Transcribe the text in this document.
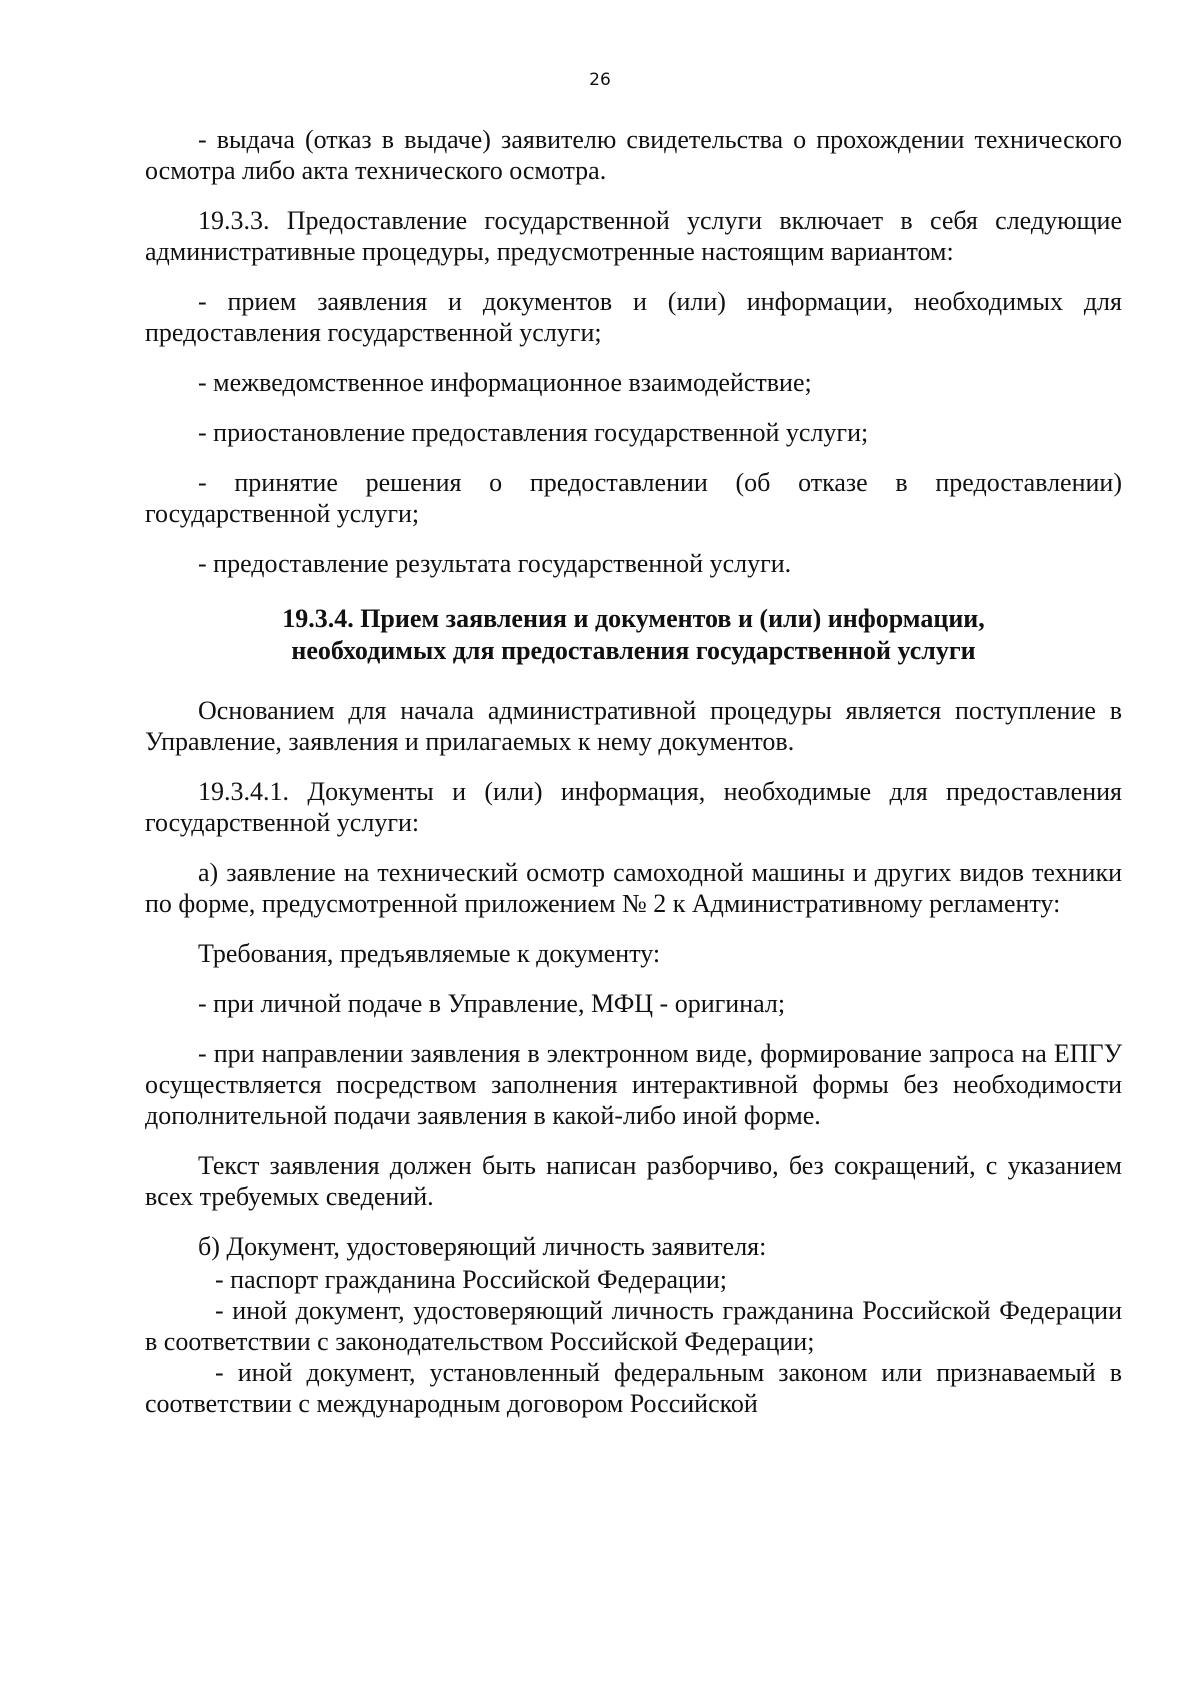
26

- выдача (отказ в выдаче) заявителю свидетельства о прохождении технического осмотра либо акта технического осмотра.

19.3.3. Предоставление государственной услуги включает в себя следующие административные процедуры, предусмотренные настоящим вариантом:

- прием заявления и документов и (или) информации, необходимых для предоставления государственной услуги;

- межведомственное информационное взаимодействие;

- приостановление предоставления государственной услуги;

- принятие решения о предоставлении (об отказе в предоставлении) государственной услуги;

- предоставление результата государственной услуги.

19.3.4. Прием заявления и документов и (или) информации,
необходимых для предоставления государственной услуги

Основанием для начала административной процедуры является поступление в Управление, заявления и прилагаемых к нему документов.

19.3.4.1. Документы и (или) информация, необходимые для предоставления государственной услуги:

а) заявление на технический осмотр самоходной машины и других видов техники по форме, предусмотренной приложением № 2 к Административному регламенту:

Требования, предъявляемые к документу:

- при личной подаче в Управление, МФЦ - оригинал;

- при направлении заявления в электронном виде, формирование запроса на ЕПГУ осуществляется посредством заполнения интерактивной формы без необходимости дополнительной подачи заявления в какой-либо иной форме.

Текст заявления должен быть написан разборчиво, без сокращений, с указанием всех требуемых сведений.

б) Документ, удостоверяющий личность заявителя:

- паспорт гражданина Российской Федерации;

- иной документ, удостоверяющий личность гражданина Российской Федерации в соответствии с законодательством Российской Федерации;

- иной документ, установленный федеральным законом или признаваемый в соответствии с международным договором Российской
